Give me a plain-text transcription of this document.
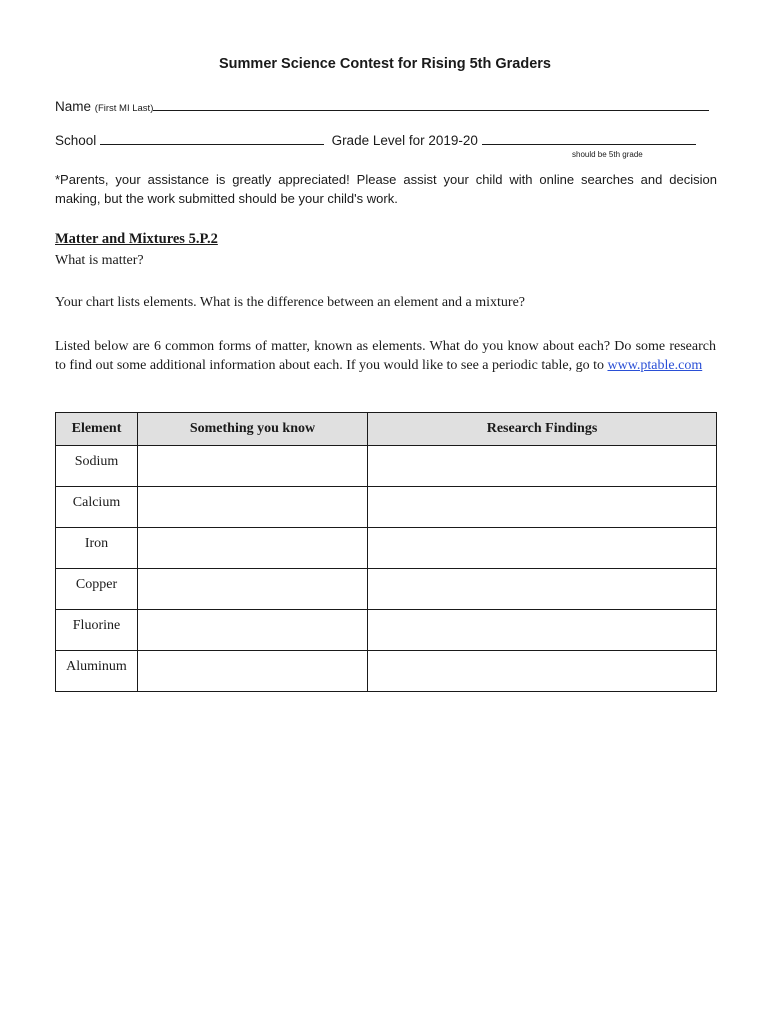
Summer Science Contest for Rising 5th Graders
Name (First MI Last)
School	Grade Level for 2019-20
should be 5th grade
*Parents, your assistance is greatly appreciated! Please assist your child with online searches and decision making, but the work submitted should be your child's work.
Matter and Mixtures 5.P.2
What is matter?
Your chart lists elements. What is the difference between an element and a mixture?
Listed below are 6 common forms of matter, known as elements. What do you know about each? Do some research to find out some additional information about each. If you would like to see a periodic table, go to www.ptable.com
Element	Something you know	Research Findings
Sodium		
Calcium		
Iron		
Copper		
Fluorine		
Aluminum		
